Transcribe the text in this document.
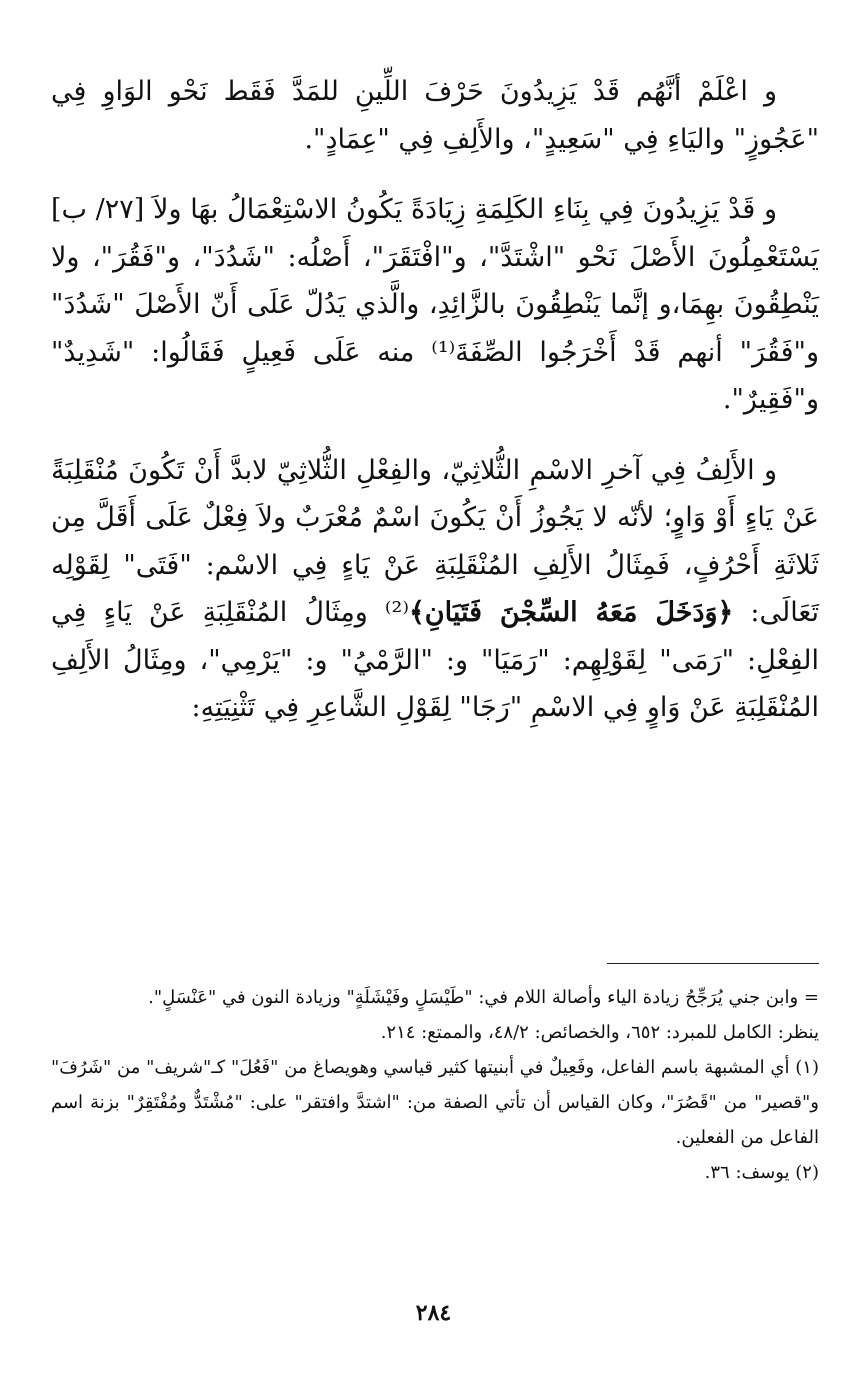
و اعْلَمْ أنَّهُم قَدْ يَزِيدُونَ حَرْفَ اللِّينِ للمَدَّ فَقَط نَحْو الوَاوِ فِي "عَجُوزٍ" واليَاءِ فِي "سَعِيدٍ"، والأَلِفِ فِي "عِمَادٍ".

و قَدْ يَزِيدُونَ فِي بِنَاءِ الكَلِمَةِ زِيَادَةً يَكُونُ الاسْتِعْمَالُ بهَا ولاَ [٢٧/ ب] يَسْتَعْمِلُونَ الأَصْلَ نَحْو "اشْتَدَّ"، و"افْتَقَرَ"، أَصْلُه: "شَدُدَ"، و"فَقُرَ"، ولا يَنْطِقُونَ بهِمَا،و إنَّما يَنْطِقُونَ بالزَّائِدِ، والَّذي يَدُلّ عَلَى أَنّ الأَصْلَ "شَدُدَ" و"فَقُرَ" أنهم قَدْ أَخْرَجُوا الصِّفَةَ⁽¹⁾ منه عَلَى فَعِيلٍ فَقَالُوا: "شَدِيدٌ" و"فَقِيرٌ".

و الأَلِفُ فِي آخرِ الاسْمِ الثُّلاثِيّ، والفِعْلِ الثُّلاثِيّ لابدَّ أَنْ تَكُونَ مُنْقَلِبَةً عَنْ يَاءٍ أَوْ وَاوٍ؛ لأنّه لا يَجُوزُ أَنْ يَكُونَ اسْمٌ مُعْرَبٌ ولاَ فِعْلٌ عَلَى أَقَلَّ مِن ثَلاثَةِ أَحْرُفٍ، فَمِثَالُ الأَلِفِ المُنْقَلِبَةِ عَنْ يَاءٍ فِي الاسْم: "فَتَى" لِقَوْلِه تَعَالَى: ﴿وَدَخَلَ مَعَهُ السِّجْنَ فَتَيَانِ﴾⁽²⁾ ومِثَالُ المُنْقَلِبَةِ عَنْ يَاءٍ فِي الفِعْلِ: "رَمَى" لِقَوْلِهِم: "رَمَيَا" و: "الرَّمْيُ" و: "يَرْمِي"، ومِثَالُ الأَلِفِ المُنْقَلِبَةِ عَنْ وَاوٍ فِي الاسْمِ "رَجَا" لِقَوْلِ الشَّاعِرِ فِي تَثْنِيَتِهِ:

= وابن جني يُرَجِّحُ زيادة الياء وأصالة اللام في: "طَيْسَلٍ وفَيْشَلَةٍ" وزيادة النون في "عَنْسَلٍ".

ينظر: الكامل للمبرد: ٦٥٢، والخصائص: ٤٨/٢، والممتع: ٢١٤.

(١) أي المشبهة باسم الفاعل، وفَعِيلٌ في أبنيتها كثير قياسي وهويصاغ من "فَعُلَ" كـ"شريف" من "شَرُفَ" و"قصير" من "قَصُرَ"، وكان القياس أن تأتي الصفة من: "اشتدَّ وافتقر" على: "مُشْتَدٌّ ومُفْتَقِرٌ" بزنة اسم الفاعل من الفعلين.

(٢) يوسف: ٣٦.

٢٨٤
